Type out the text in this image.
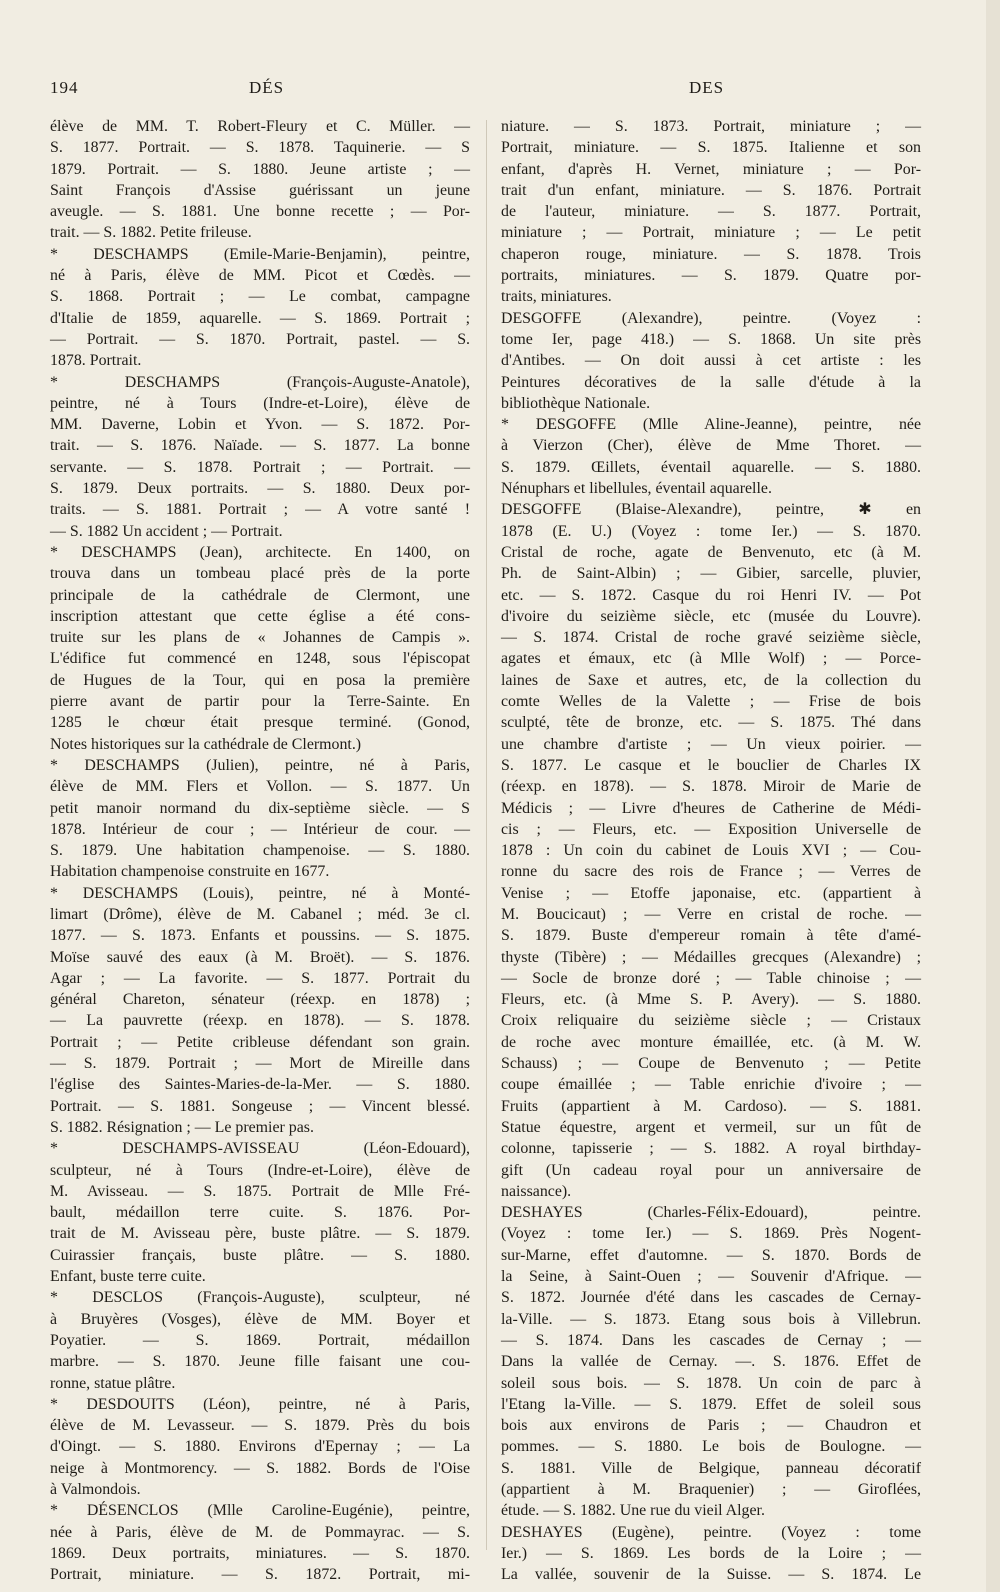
194	DÉS	DES
élève de MM. T. Robert-Fleury et C. Müller. —
S. 1877. Portrait. — S. 1878. Taquinerie. — S
1879. Portrait. — S. 1880. Jeune artiste ; —
Saint François d'Assise guérissant un jeune
aveugle. — S. 1881. Une bonne recette ; — Por-
trait. — S. 1882. Petite frileuse.
* DESCHAMPS (Emile-Marie-Benjamin), peintre,
né à Paris, élève de MM. Picot et Cœdès. —
S. 1868. Portrait ; — Le combat, campagne
d'Italie de 1859, aquarelle. — S. 1869. Portrait ;
— Portrait. — S. 1870. Portrait, pastel. — S.
1878. Portrait.
* DESCHAMPS (François-Auguste-Anatole),
peintre, né à Tours (Indre-et-Loire), élève de
MM. Daverne, Lobin et Yvon. — S. 1872. Por-
trait. — S. 1876. Naïade. — S. 1877. La bonne
servante. — S. 1878. Portrait ; — Portrait. —
S. 1879. Deux portraits. — S. 1880. Deux por-
traits. — S. 1881. Portrait ; — A votre santé !
— S. 1882 Un accident ; — Portrait.
* DESCHAMPS (Jean), architecte. En 1400, on
trouva dans un tombeau placé près de la porte
principale de la cathédrale de Clermont, une
inscription attestant que cette église a été cons-
truite sur les plans de « Johannes de Campis ».
L'édifice fut commencé en 1248, sous l'épiscopat
de Hugues de la Tour, qui en posa la première
pierre avant de partir pour la Terre-Sainte. En
1285 le chœur était presque terminé. (Gonod,
Notes historiques sur la cathédrale de Clermont.)
* DESCHAMPS (Julien), peintre, né à Paris,
élève de MM. Flers et Vollon. — S. 1877. Un
petit manoir normand du dix-septième siècle. — S
1878. Intérieur de cour ; — Intérieur de cour. —
S. 1879. Une habitation champenoise. — S. 1880.
Habitation champenoise construite en 1677.
* DESCHAMPS (Louis), peintre, né à Monté-
limart (Drôme), élève de M. Cabanel ; méd. 3e cl.
1877. — S. 1873. Enfants et poussins. — S. 1875.
Moïse sauvé des eaux (à M. Broët). — S. 1876.
Agar ; — La favorite. — S. 1877. Portrait du
général Chareton, sénateur (réexp. en 1878) ;
— La pauvrette (réexp. en 1878). — S. 1878.
Portrait ; — Petite cribleuse défendant son grain.
— S. 1879. Portrait ; — Mort de Mireille dans
l'église des Saintes-Maries-de-la-Mer. — S. 1880.
Portrait. — S. 1881. Songeuse ; — Vincent blessé.
S. 1882. Résignation ; — Le premier pas.
* DESCHAMPS-AVISSEAU (Léon-Edouard),
sculpteur, né à Tours (Indre-et-Loire), élève de
M. Avisseau. — S. 1875. Portrait de Mlle Fré-
bault, médaillon terre cuite. S. 1876. Por-
trait de M. Avisseau père, buste plâtre. — S. 1879.
Cuirassier français, buste plâtre. — S. 1880.
Enfant, buste terre cuite.
* DESCLOS (François-Auguste), sculpteur, né
à Bruyères (Vosges), élève de MM. Boyer et
Poyatier. — S. 1869. Portrait, médaillon
marbre. — S. 1870. Jeune fille faisant une cou-
ronne, statue plâtre.
* DESDOUITS (Léon), peintre, né à Paris,
élève de M. Levasseur. — S. 1879. Près du bois
d'Oingt. — S. 1880. Environs d'Epernay ; — La
neige à Montmorency. — S. 1882. Bords de l'Oise
à Valmondois.
* DÉSENCLOS (Mlle Caroline-Eugénie), peintre,
née à Paris, élève de M. de Pommayrac. — S.
1869. Deux portraits, miniatures. — S. 1870.
Portrait, miniature. — S. 1872. Portrait, mi-
niature. — S. 1873. Portrait, miniature ; —
Portrait, miniature. — S. 1875. Italienne et son
enfant, d'après H. Vernet, miniature ; — Por-
trait d'un enfant, miniature. — S. 1876. Portrait
de l'auteur, miniature. — S. 1877. Portrait,
miniature ; — Portrait, miniature ; — Le petit
chaperon rouge, miniature. — S. 1878. Trois
portraits, miniatures. — S. 1879. Quatre por-
traits, miniatures.
DESGOFFE (Alexandre), peintre. (Voyez :
tome Ier, page 418.) — S. 1868. Un site près
d'Antibes. — On doit aussi à cet artiste : les
Peintures décoratives de la salle d'étude à la
bibliothèque Nationale.
* DESGOFFE (Mlle Aline-Jeanne), peintre, née
à Vierzon (Cher), élève de Mme Thoret. —
S. 1879. Œillets, éventail aquarelle. — S. 1880.
Nénuphars et libellules, éventail aquarelle.
DESGOFFE (Blaise-Alexandre), peintre, ✱ en
1878 (E. U.) (Voyez : tome Ier.) — S. 1870.
Cristal de roche, agate de Benvenuto, etc (à M.
Ph. de Saint-Albin) ; — Gibier, sarcelle, pluvier,
etc. — S. 1872. Casque du roi Henri IV. — Pot
d'ivoire du seizième siècle, etc (musée du Louvre).
— S. 1874. Cristal de roche gravé seizième siècle,
agates et émaux, etc (à Mlle Wolf) ; — Porce-
laines de Saxe et autres, etc, de la collection du
comte Welles de la Valette ; — Frise de bois
sculpté, tête de bronze, etc. — S. 1875. Thé dans
une chambre d'artiste ; — Un vieux poirier. —
S. 1877. Le casque et le bouclier de Charles IX
(réexp. en 1878). — S. 1878. Miroir de Marie de
Médicis ; — Livre d'heures de Catherine de Médi-
cis ; — Fleurs, etc. — Exposition Universelle de
1878 : Un coin du cabinet de Louis XVI ; — Cou-
ronne du sacre des rois de France ; — Verres de
Venise ; — Etoffe japonaise, etc. (appartient à
M. Boucicaut) ; — Verre en cristal de roche. —
S. 1879. Buste d'empereur romain à tête d'amé-
thyste (Tibère) ; — Médailles grecques (Alexandre) ;
— Socle de bronze doré ; — Table chinoise ; —
Fleurs, etc. (à Mme S. P. Avery). — S. 1880.
Croix reliquaire du seizième siècle ; — Cristaux
de roche avec monture émaillée, etc. (à M. W.
Schauss) ; — Coupe de Benvenuto ; — Petite
coupe émaillée ; — Table enrichie d'ivoire ; —
Fruits (appartient à M. Cardoso). — S. 1881.
Statue équestre, argent et vermeil, sur un fût de
colonne, tapisserie ; — S. 1882. A royal birthday-
gift (Un cadeau royal pour un anniversaire de
naissance).
DESHAYES (Charles-Félix-Edouard), peintre.
(Voyez : tome Ier.) — S. 1869. Près Nogent-
sur-Marne, effet d'automne. — S. 1870. Bords de
la Seine, à Saint-Ouen ; — Souvenir d'Afrique. —
S. 1872. Journée d'été dans les cascades de Cernay-
la-Ville. — S. 1873. Etang sous bois à Villebrun.
— S. 1874. Dans les cascades de Cernay ; —
Dans la vallée de Cernay. —. S. 1876. Effet de
soleil sous bois. — S. 1878. Un coin de parc à
l'Etang la-Ville. — S. 1879. Effet de soleil sous
bois aux environs de Paris ; — Chaudron et
pommes. — S. 1880. Le bois de Boulogne. —
S. 1881. Ville de Belgique, panneau décoratif
(appartient à M. Braquenier) ; — Giroflées,
étude. — S. 1882. Une rue du vieil Alger.
DESHAYES (Eugène), peintre. (Voyez : tome
Ier.) — S. 1869. Les bords de la Loire ; —
La vallée, souvenir de la Suisse. — S. 1874. Le
